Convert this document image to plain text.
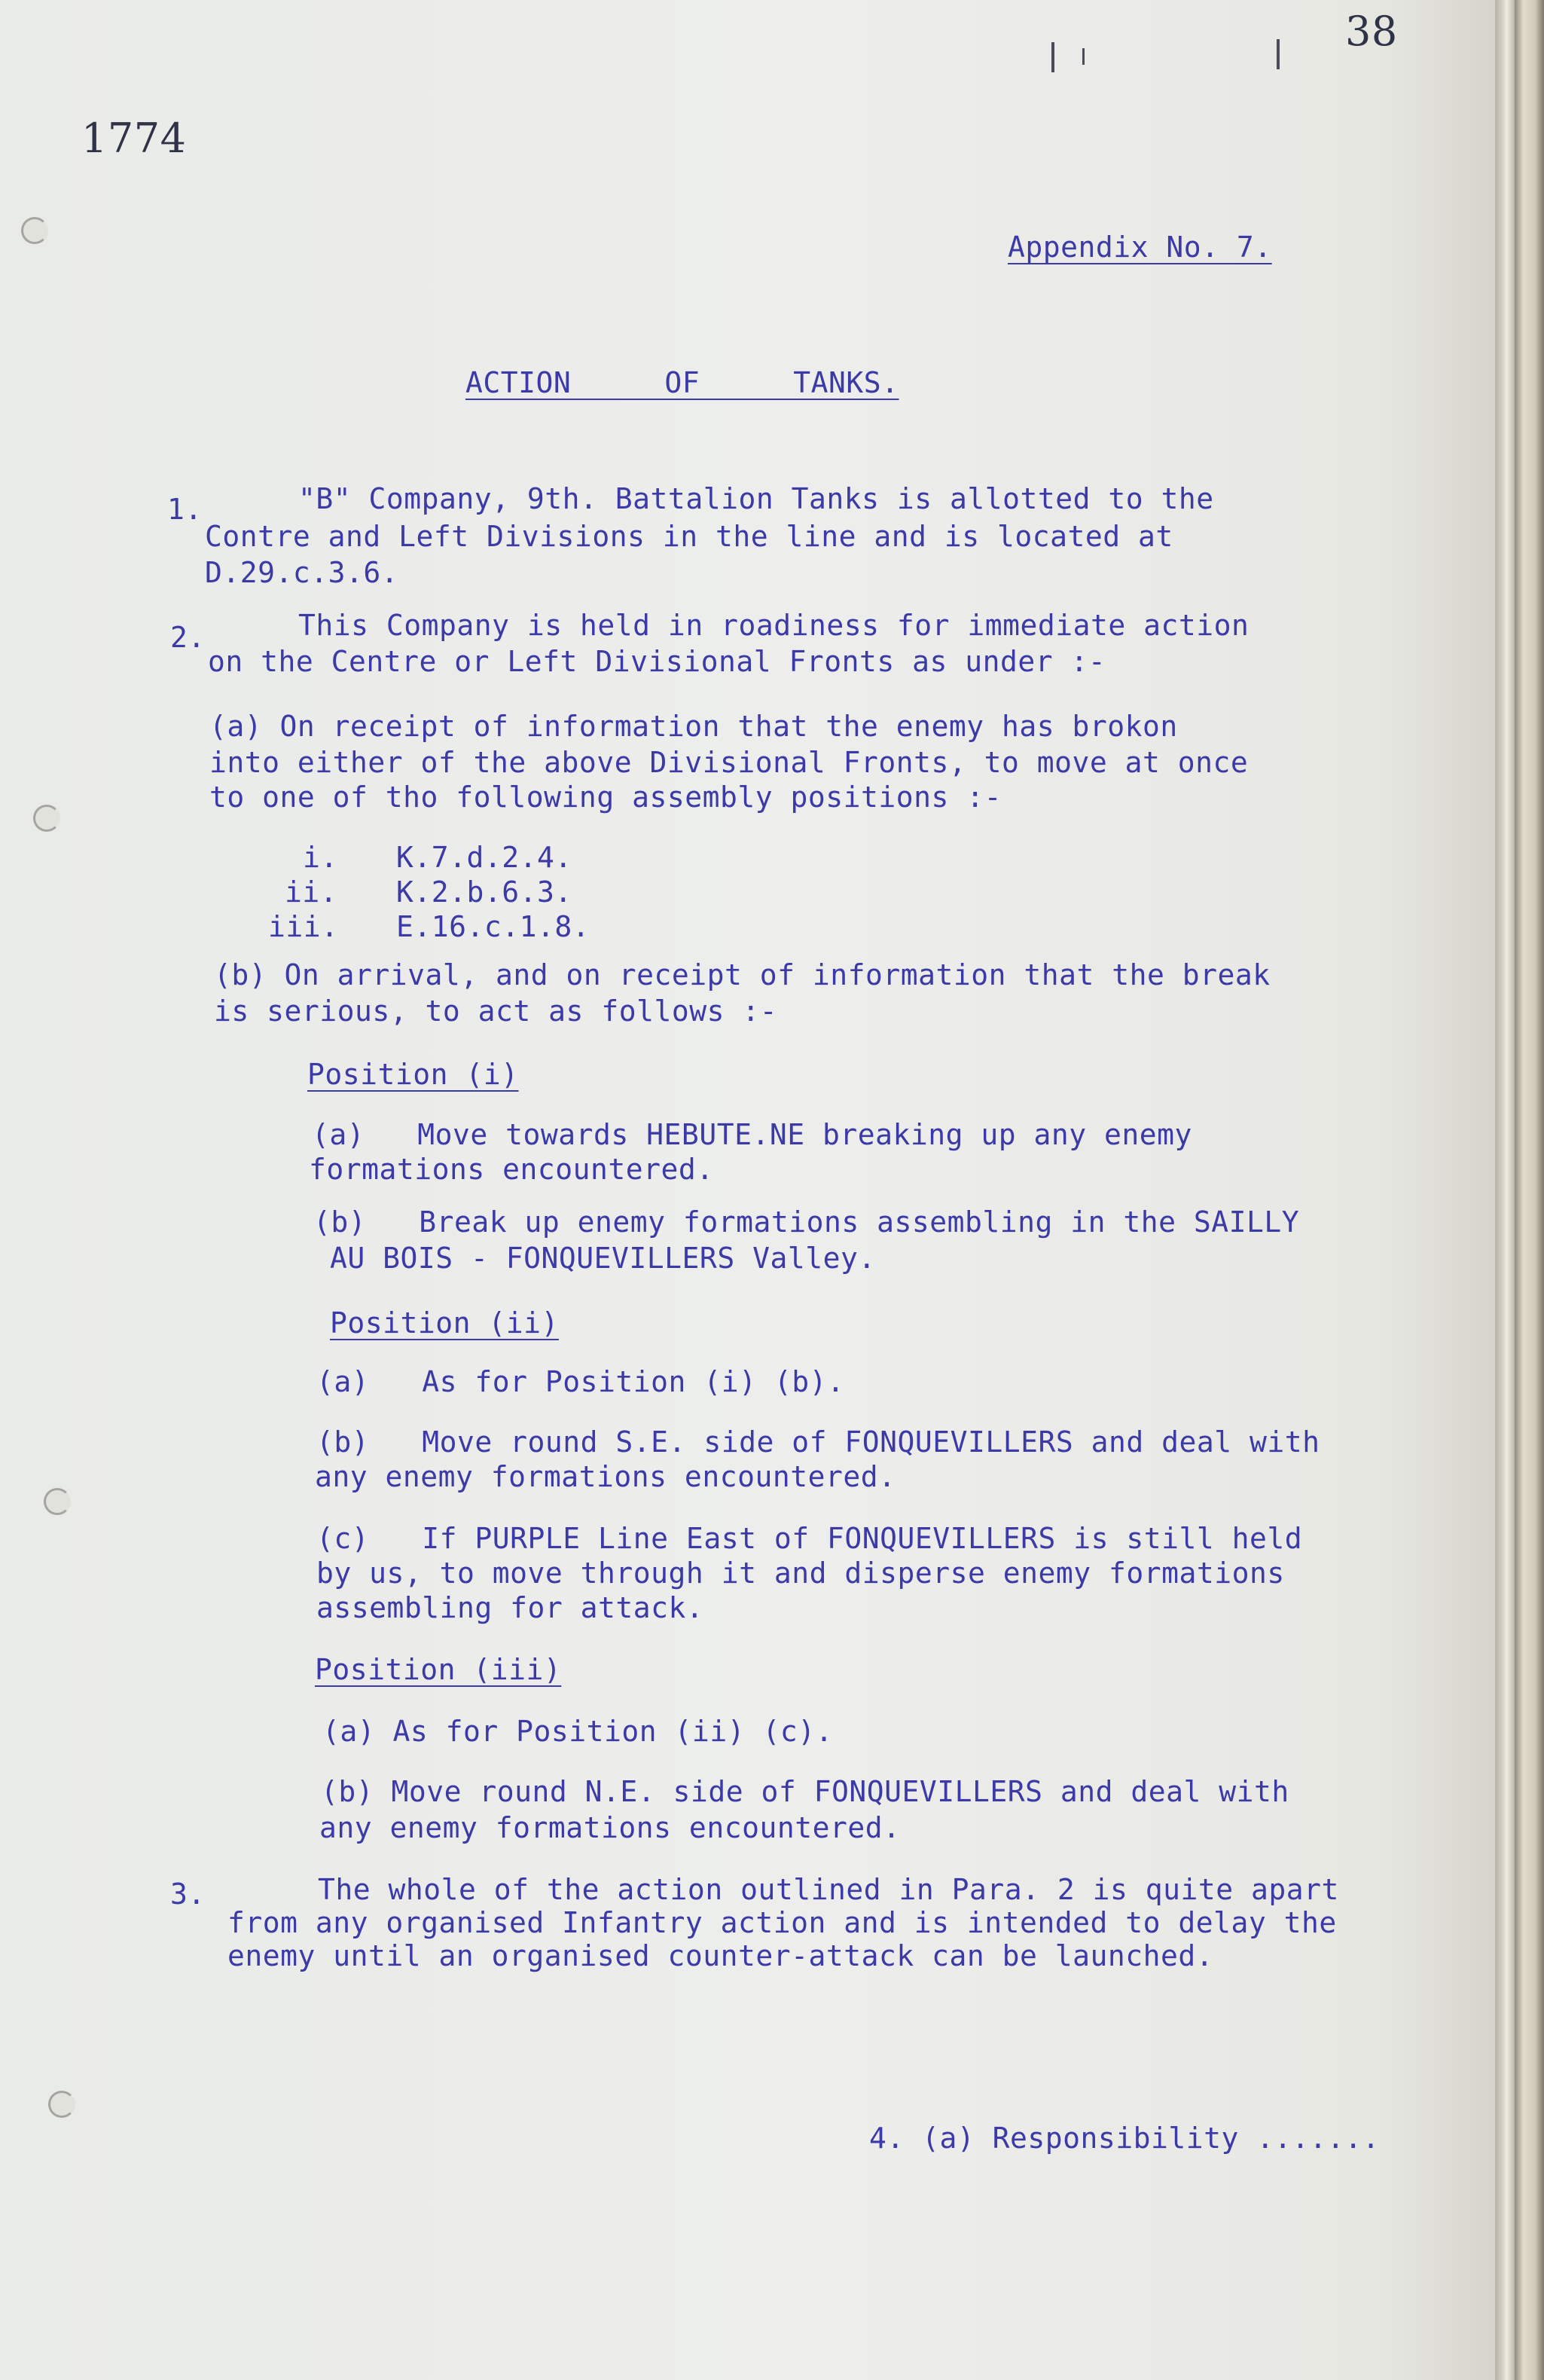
38
1774
Appendix No. 7.
ACTION   OF   TANKS.
1.	"B" Company, 9th. Battalion Tanks is allotted to the
Contre and Left Divisions in the line and is located at
D.29.c.3.6.
2.	This Company is held in roadiness for immediate action
on the Centre or Left Divisional Fronts as under :-
(a) On receipt of information that the enemy has brokon
into either of the above Divisional Fronts, to move at once
to one of tho following assembly positions :-
i. K.7.d.2.4.
ii. K.2.b.6.3.
iii. E.16.c.1.8.
(b) On arrival, and on receipt of information that the break
is serious, to act as follows :-
Position (i)
(a)   Move towards HEBUTE.NE breaking up any enemy
formations encountered.
(b)   Break up enemy formations assembling in the SAILLY
AU BOIS - FONQUEVILLERS Valley.
Position (ii)
(a)   As for Position (i) (b).
(b)   Move round S.E. side of FONQUEVILLERS and deal with
any enemy formations encountered.
(c)   If PURPLE Line East of FONQUEVILLERS is still held
by us, to move through it and disperse enemy formations
assembling for attack.
Position (iii)
(a) As for Position (ii) (c).
(b) Move round N.E. side of FONQUEVILLERS and deal with
any enemy formations encountered.
3.	The whole of the action outlined in Para. 2 is quite apart
from any organised Infantry action and is intended to delay the
enemy until an organised counter-attack can be launched.
4. (a) Responsibility .......
